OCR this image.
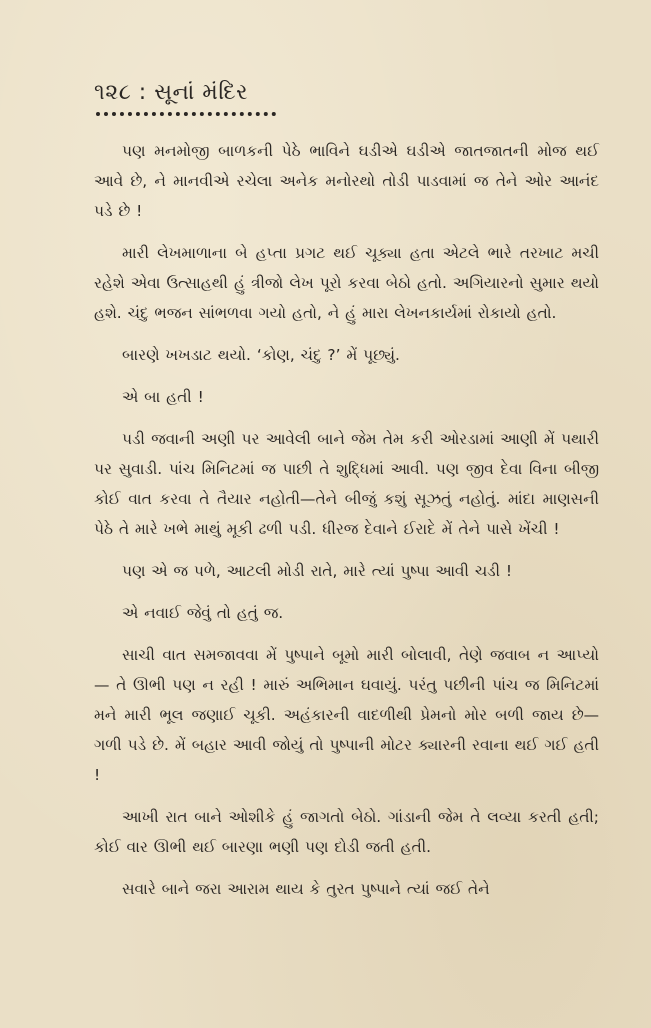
૧૨૮ : સૂનાં મંદિર

પણ મનમોજી બાળકની પેઠે ભાવિને ઘડીએ ઘડીએ જાતજાતની મોજ થઈ આવે છે, ને માનવીએ રચેલા અનેક મનોરથો તોડી પાડવામાં જ તેને ઓર આનંદ પડે છે !

મારી લેખમાળાના બે હપ્તા પ્રગટ થઈ ચૂક્યા હતા એટલે ભારે તરખાટ મચી રહેશે એવા ઉત્સાહથી હું ત્રીજો લેખ પૂરો કરવા બેઠો હતો. અગિયારનો સુમાર થયો હશે. ચંદુ ભજન સાંભળવા ગયો હતો, ને હું મારા લેખનકાર્યમાં રોકાયો હતો.

બારણે ખખડાટ થયો. ‘કોણ, ચંદુ ?’ મેં પૂછ્યું.

એ બા હતી !

પડી જવાની અણી પર આવેલી બાને જેમ તેમ કરી ઓરડામાં આણી મેં પથારી પર સુવાડી. પાંચ મિનિટમાં જ પાછી તે શુદ્ધિમાં આવી. પણ જીવ દેવા વિના બીજી કોઈ વાત કરવા તે તૈયાર નહોતી—તેને બીજું કશું સૂઝતું નહોતું. માંદા માણસની પેઠે તે મારે ખભે માથું મૂકી ઢળી પડી. ધીરજ દેવાને ઈરાદે મેં તેને પાસે ખેંચી !

પણ એ જ પળે, આટલી મોડી રાતે, મારે ત્યાં પુષ્પા આવી ચડી !

એ નવાઈ જેવું તો હતું જ.

સાચી વાત સમજાવવા મેં પુષ્પાને બૂમો મારી બોલાવી, તેણે જવાબ ન આપ્યો — તે ઊભી પણ ન રહી ! મારું અભિમાન ઘવાયું. પરંતુ પછીની પાંચ જ મિનિટમાં મને મારી ભૂલ જણાઈ ચૂકી. અહંકારની વાદળીથી પ્રેમનો મોર બળી જાય છે—ગળી પડે છે. મેં બહાર આવી જોયું તો પુષ્પાની મોટર ક્યારની રવાના થઈ ગઈ હતી !

આખી રાત બાને ઓશીકે હું જાગતો બેઠો. ગાંડાની જેમ તે લવ્યા કરતી હતી; કોઈ વાર ઊભી થઈ બારણા ભણી પણ દોડી જતી હતી.

સવારે બાને જરા આરામ થાય કે તુરત પુષ્પાને ત્યાં જઈ તેને
